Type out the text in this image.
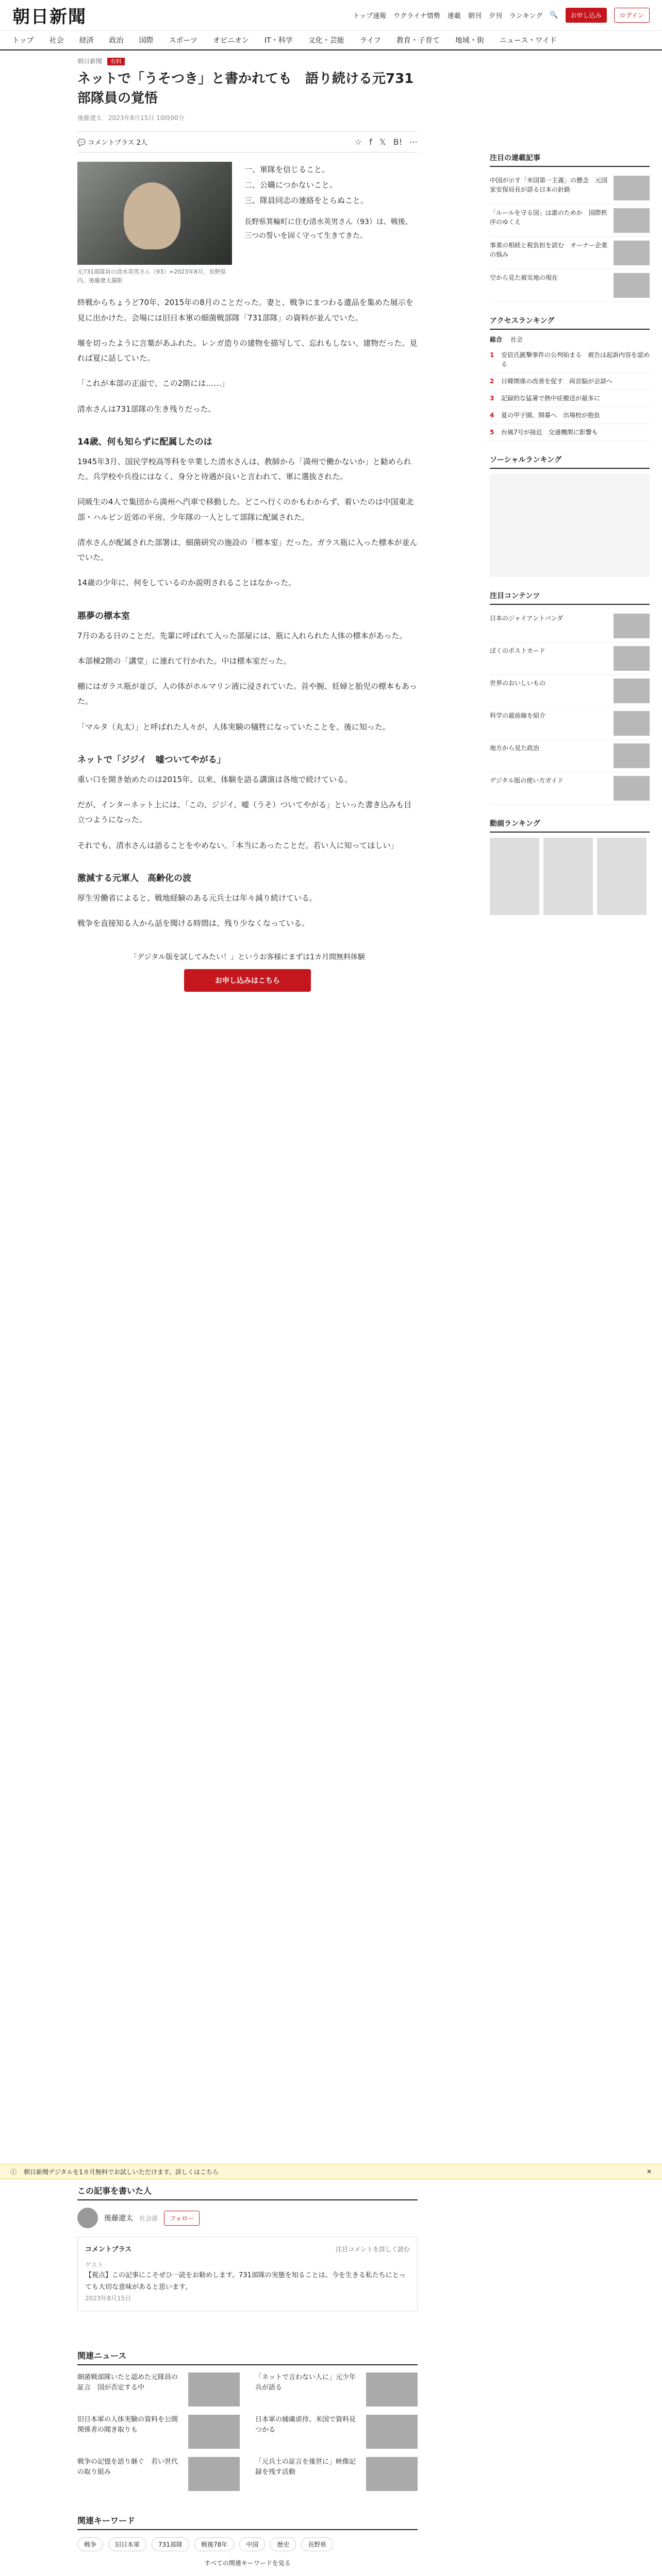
朝日新聞	トップ速報 ウクライナ情勢 連載 朝刊 夕刊 ランキング 🔍	お申し込み	ログイン
トップ 社会 経済 政治 国際 スポーツ オピニオン IT・科学 文化・芸能 ライフ 教育・子育て 地域・街 ニュース・ワイド
朝日新聞 有料
ネットで「うそつき」と書かれても　語り続ける元731部隊員の覚悟
後藤遼太　2023年8月15日 10時00分
💬 コメントプラス 2人	☆ f 𝕏 B! ⋯
元731部隊員の清水英男さん（93）=2023年8月、長野県内、後藤遼太撮影
一、軍隊を信じること。
二、公職につかないこと。
三、隊員同志の連絡をとらぬこと。

長野県箕輪町に住む清水英男さん（93）は、戦後、三つの誓いを固く守って生きてきた。

終戦からちょうど70年、2015年の8月のことだった。妻と、戦争にまつわる遺品を集めた展示を見に出かけた。会場には旧日本軍の細菌戦部隊「731部隊」の資料が並んでいた。

堰を切ったように言葉があふれた。レンガ造りの建物を描写して、忘れもしない、建物だった。見れば夏に話していた。

「これが本部の正面で、この2階には……」

清水さんは731部隊の生き残りだった。

14歳、何も知らずに配属したのは

1945年3月、国民学校高等科を卒業した清水さんは、教師から「満州で働かないか」と勧められた。兵学校や兵役にはなく、身分と待遇が良いと言われて、軍に選抜された。

同級生の4人で集団から満州へ汽車で移動した。どこへ行くのかもわからず、着いたのは中国東北部・ハルビン近郊の平房。少年隊の一人として部隊に配属された。

清水さんが配属された部署は、細菌研究の施設の「標本室」だった。ガラス瓶に入った標本が並んでいた。

14歳の少年に、何をしているのか説明されることはなかった。

悪夢の標本室

7月のある日のことだ。先輩に呼ばれて入った部屋には、瓶に入れられた人体の標本があった。

本部棟2階の「講堂」に連れて行かれた。中は標本室だった。

棚にはガラス瓶が並び、人の体がホルマリン液に浸されていた。首や腕、妊婦と胎児の標本もあった。

「マルタ（丸太）」と呼ばれた人々が、人体実験の犠牲になっていたことを、後に知った。

ネットで「ジジイ　嘘ついてやがる」

重い口を開き始めたのは2015年。以来、体験を語る講演は各地で続けている。

だが、インターネット上には、「この、ジジイ、嘘（うそ）ついてやがる」といった書き込みも目立つようになった。

それでも、清水さんは語ることをやめない。「本当にあったことだ。若い人に知ってほしい」

激減する元軍人　高齢化の波

厚生労働省によると、戦地経験のある元兵士は年々減り続けている。

戦争を直接知る人から話を聞ける時間は、残り少なくなっている。

「デジタル版を試してみたい！」というお客様にまずは1カ月間無料体験
お申し込みはこちら
注目の連載記事
中国が示す「米国第一主義」の懸念　元国家安保局長が語る日本の針路
「ルールを守る国」は誰のためか　国際秩序のゆくえ
事業の相続と税負担を読む　オーナー企業の悩み
空から見た被災地の現在
アクセスランキング
総合 社会
1	安倍氏銃撃事件の公判始まる　被告は起訴内容を認める
2	日韓関係の改善を促す　両首脳が会談へ
3	記録的な猛暑で熱中症搬送が最多に
4	夏の甲子園、開幕へ　出場校が抱負
5	台風7号が接近　交通機関に影響も
ソーシャルランキング
注目コンテンツ
日本のジャイアントパンダ
ぼくのポストカード
世界のおいしいもの
科学の最前線を紹介
地方から見た政治
デジタル版の使い方ガイド
動画ランキング
ⓘ 朝日新聞デジタルを1カ月無料でお試しいただけます。詳しくはこちら	✕
この記事を書いた人
後藤遼太 社会部	フォロー
コメントプラス	注目コメントを詳しく読む
ゲスト
【視点】この記事にこそぜひ一読をお勧めします。731部隊の実態を知ることは、今を生きる私たちにとっても大切な意味があると思います。
2023年8月15日
関連ニュース
細菌戦部隊いたと認めた元隊員の証言　国が否定する中
「ネットで言わない人に」元少年兵が語る
旧日本軍の人体実験の資料を公開　関係者の聞き取りも
日本軍の捕虜虐待、米国で資料見つかる
戦争の記憶を語り継ぐ　若い世代の取り組み
「元兵士の証言を後世に」映像記録を残す活動
関連キーワード
戦争	旧日本軍	731部隊	戦後78年	中国	歴史	長野県
すべての関連キーワードを見る
